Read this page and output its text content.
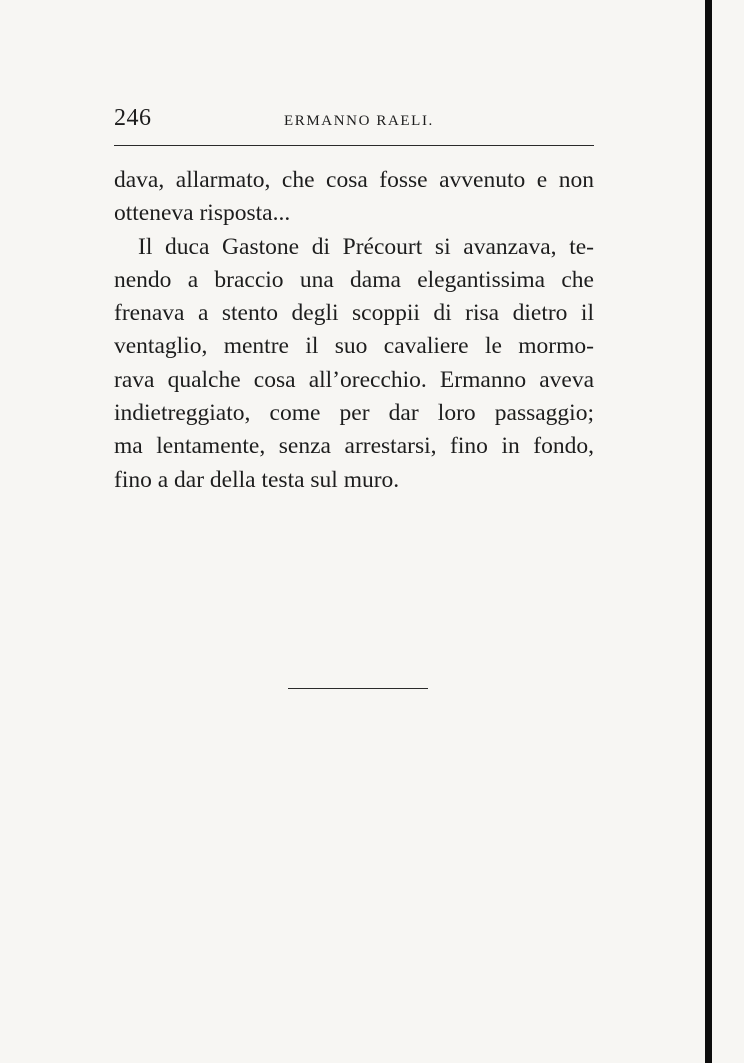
246	ERMANNO RAELI.
dava, allarmato, che cosa fosse avvenuto e non
otteneva risposta...
Il duca Gastone di Précourt si avanzava, te-
nendo a braccio una dama elegantissima che
frenava a stento degli scoppii di risa dietro il
ventaglio, mentre il suo cavaliere le mormo-
rava qualche cosa all’orecchio. Ermanno aveva
indietreggiato, come per dar loro passaggio;
ma lentamente, senza arrestarsi, fino in fondo,
fino a dar della testa sul muro.
